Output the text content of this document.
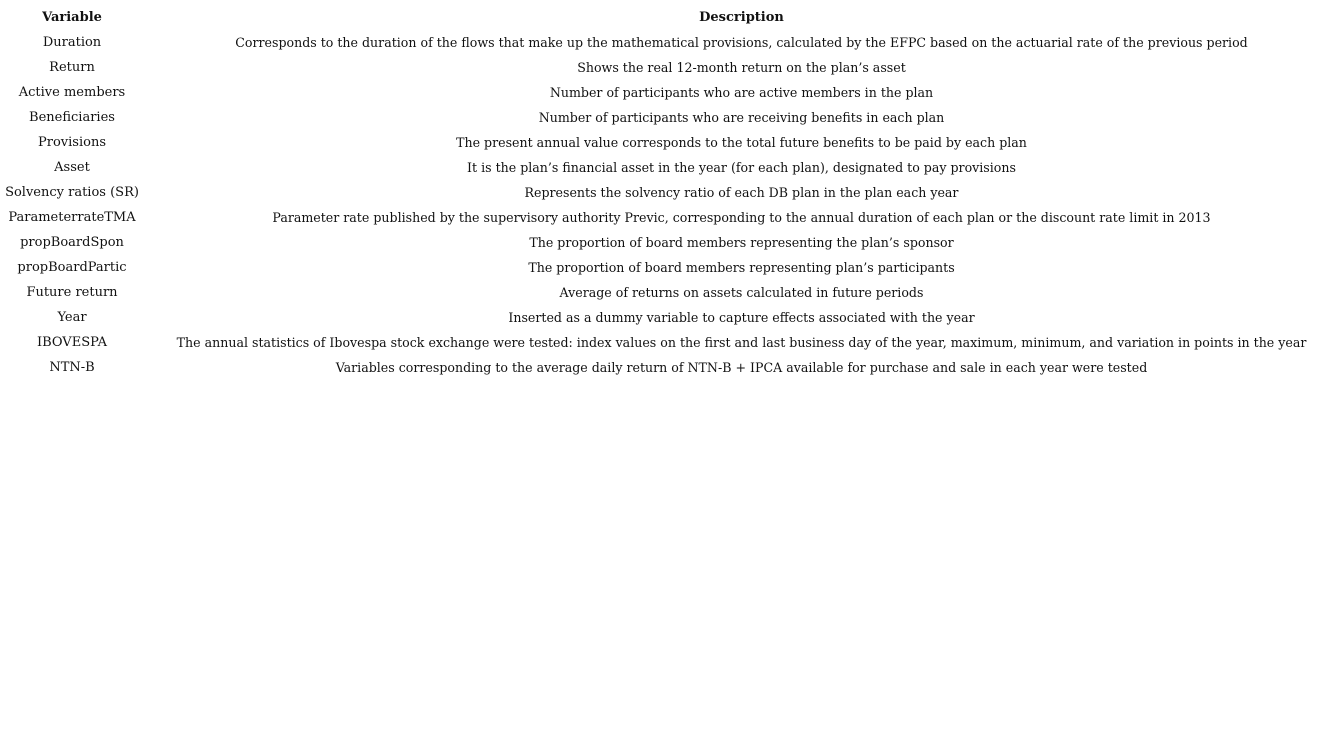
Variable	Description
Duration	Corresponds to the duration of the flows that make up the mathematical provisions, calculated by the EFPC based on the actuarial rate of the previous period
Return	Shows the real 12-month return on the plan’s asset
Active members	Number of participants who are active members in the plan
Beneficiaries	Number of participants who are receiving benefits in each plan
Provisions	The present annual value corresponds to the total future benefits to be paid by each plan
Asset	It is the plan’s financial asset in the year (for each plan), designated to pay provisions
Solvency ratios (SR)	Represents the solvency ratio of each DB plan in the plan each year
ParameterrateTMA	Parameter rate published by the supervisory authority Previc, corresponding to the annual duration of each plan or the discount rate limit in 2013
propBoardSpon	The proportion of board members representing the plan’s sponsor
propBoardPartic	The proportion of board members representing plan’s participants
Future return	Average of returns on assets calculated in future periods
Year	Inserted as a dummy variable to capture effects associated with the year
IBOVESPA	The annual statistics of Ibovespa stock exchange were tested: index values on the first and last business day of the year, maximum, minimum, and variation in points in the year
NTN-B	Variables corresponding to the average daily return of NTN-B + IPCA available for purchase and sale in each year were tested
